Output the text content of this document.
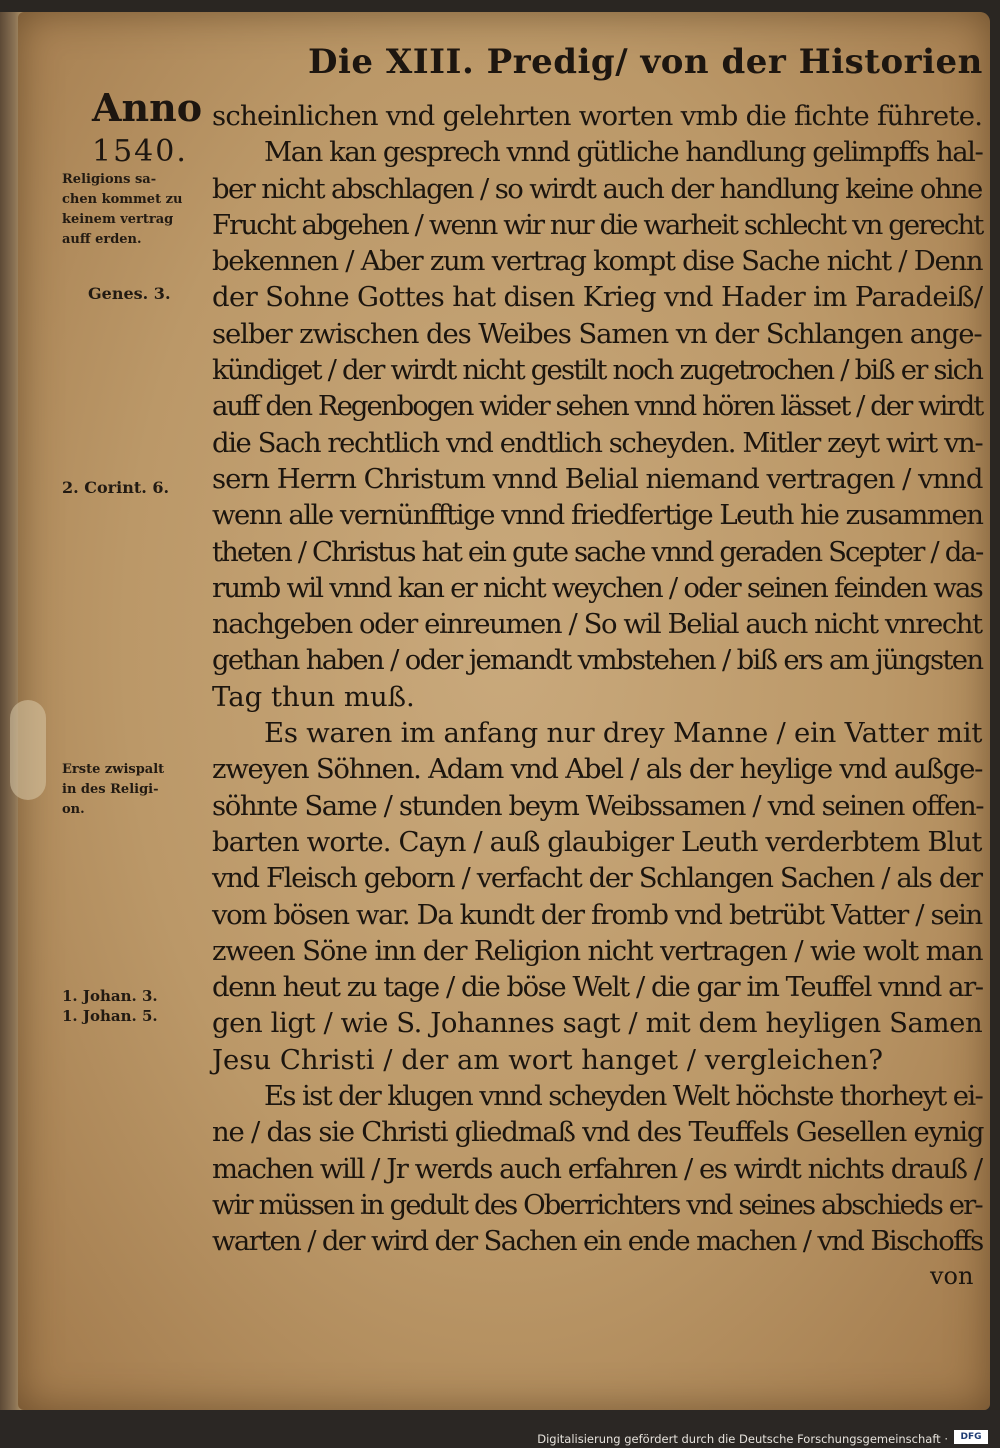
Die XIII. Predig/ von der Historien
Anno
1540.
Religions sa-
chen kommet zu
keinem vertrag
auff erden.
Genes. 3.
2. Corint. 6.
Erste zwispalt
in des Religi-
on.
1. Johan. 3.
1. Johan. 5.
scheinlichen vnd gelehrten worten vmb die fichte führete.
Man kan gesprech vnnd gütliche handlung gelimpffs hal-
ber nicht abschlagen / so wirdt auch der handlung keine ohne
Frucht abgehen / wenn wir nur die warheit schlecht vn gerecht
bekennen / Aber zum vertrag kompt dise Sache nicht / Denn
der Sohne Gottes hat disen Krieg vnd Hader im Paradeiß/
selber zwischen des Weibes Samen vn der Schlangen ange-
kündiget / der wirdt nicht gestilt noch zugetrochen / biß er sich
auff den Regenbogen wider sehen vnnd hören lässet / der wirdt
die Sach rechtlich vnd endtlich scheyden. Mitler zeyt wirt vn-
sern Herrn Christum vnnd Belial niemand vertragen / vnnd
wenn alle vernünfftige vnnd friedfertige Leuth hie zusammen
theten / Christus hat ein gute sache vnnd geraden Scepter / da-
rumb wil vnnd kan er nicht weychen / oder seinen feinden was
nachgeben oder einreumen / So wil Belial auch nicht vnrecht
gethan haben / oder jemandt vmbstehen / biß ers am jüngsten
Tag thun muß.
Es waren im anfang nur drey Manne / ein Vatter mit
zweyen Söhnen. Adam vnd Abel / als der heylige vnd außge-
söhnte Same / stunden beym Weibssamen / vnd seinen offen-
barten worte. Cayn / auß glaubiger Leuth verderbtem Blut
vnd Fleisch geborn / verfacht der Schlangen Sachen / als der
vom bösen war. Da kundt der fromb vnd betrübt Vatter / sein
zween Söne inn der Religion nicht vertragen / wie wolt man
denn heut zu tage / die böse Welt / die gar im Teuffel vnnd ar-
gen ligt / wie S. Johannes sagt / mit dem heyligen Samen
Jesu Christi / der am wort hanget / vergleichen?
Es ist der klugen vnnd scheyden Welt höchste thorheyt ei-
ne / das sie Christi gliedmaß vnd des Teuffels Gesellen eynig
machen will / Jr werds auch erfahren / es wirdt nichts drauß /
wir müssen in gedult des Oberrichters vnd seines abschieds er-
warten / der wird der Sachen ein ende machen / vnd Bischoffs
von
Digitalisierung gefördert durch die Deutsche Forschungsgemeinschaft ·	DFG
